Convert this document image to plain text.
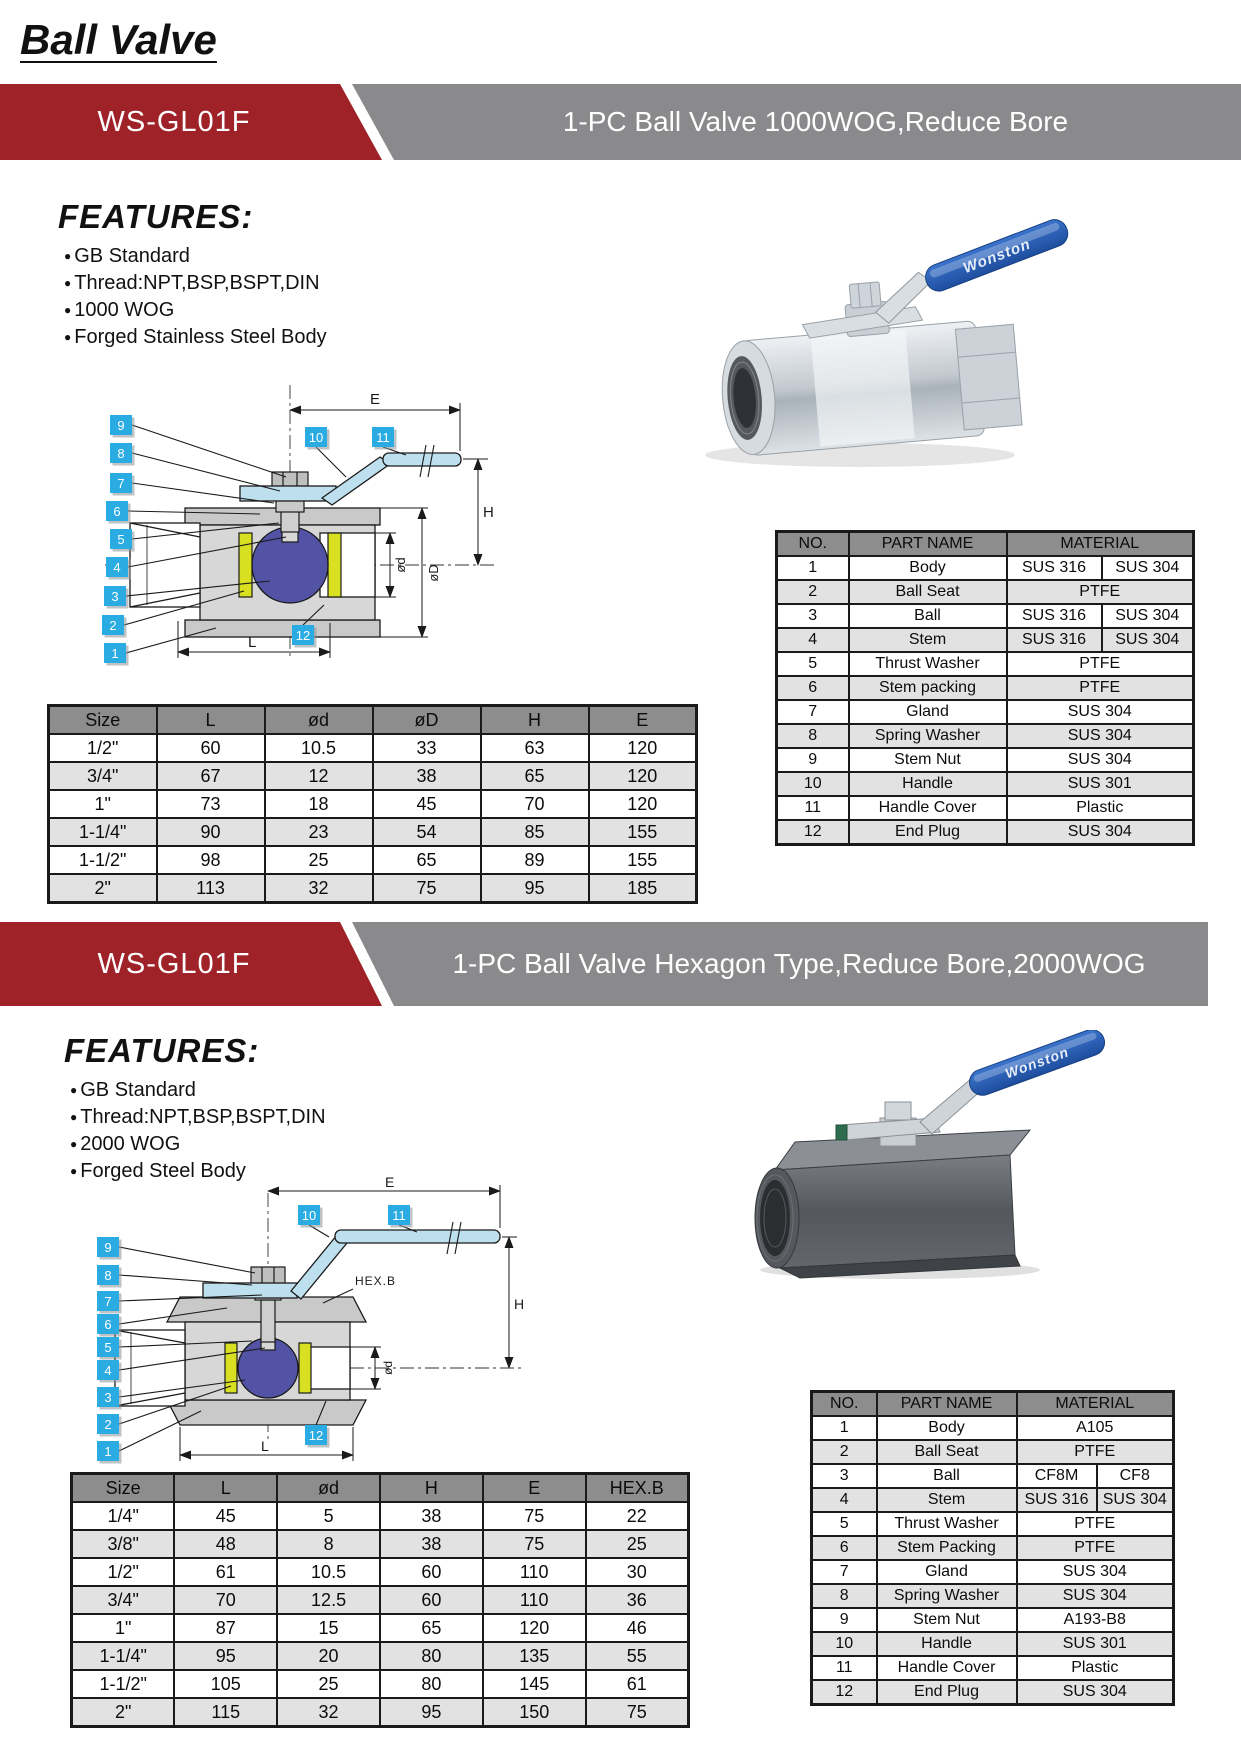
Ball Valve
WS-GL01F	1-PC Ball Valve 1000WOG,Reduce Bore
FEATURES:
● GB Standard
● Thread:NPT,BSP,BSPT,DIN
● 1000 WOG
● Forged Stainless Steel Body
E
H
ød øD
L
9
8
7
6
5
4
3
2
1
10	11
12
Wonston
NO.	PART NAME	MATERIAL	
1	Body	SUS 316	SUS 304
2	Ball Seat	PTFE	
3	Ball	SUS 316	SUS 304
4	Stem	SUS 316	SUS 304
5	Thrust Washer	PTFE	
6	Stem packing	PTFE	
7	Gland	SUS 304	
8	Spring Washer	SUS 304	
9	Stem Nut	SUS 304	
10	Handle	SUS 301	
11	Handle Cover	Plastic	
12	End Plug	SUS 304	
Size	L	ød	øD	H	E
1/2"	60	10.5	33	63	120
3/4"	67	12	38	65	120
1"	73	18	45	70	120
1-1/4"	90	23	54	85	155
1-1/2"	98	25	65	89	155
2"	113	32	75	95	185
WS-GL01F	1-PC Ball Valve Hexagon Type,Reduce Bore,2000WOG
FEATURES:
● GB Standard
● Thread:NPT,BSP,BSPT,DIN
● 2000 WOG
● Forged Steel Body	E
H
ød
HEX.B
L
9
8
7
6
5
4
3
2
1
10	11
12
Wonston
NO.	PART NAME	MATERIAL	
1	Body	A105	
2	Ball Seat	PTFE	
3	Ball	CF8M	CF8
4	Stem	SUS 316	SUS 304
5	Thrust Washer	PTFE	
6	Stem Packing	PTFE	
7	Gland	SUS 304	
8	Spring Washer	SUS 304	
9	Stem Nut	A193-B8	
10	Handle	SUS 301	
11	Handle Cover	Plastic	
12	End Plug	SUS 304	
Size	L	ød	H	E	HEX.B
1/4"	45	5	38	75	22
3/8"	48	8	38	75	25
1/2"	61	10.5	60	110	30
3/4"	70	12.5	60	110	36
1"	87	15	65	120	46
1-1/4"	95	20	80	135	55
1-1/2"	105	25	80	145	61
2"	115	32	95	150	75
